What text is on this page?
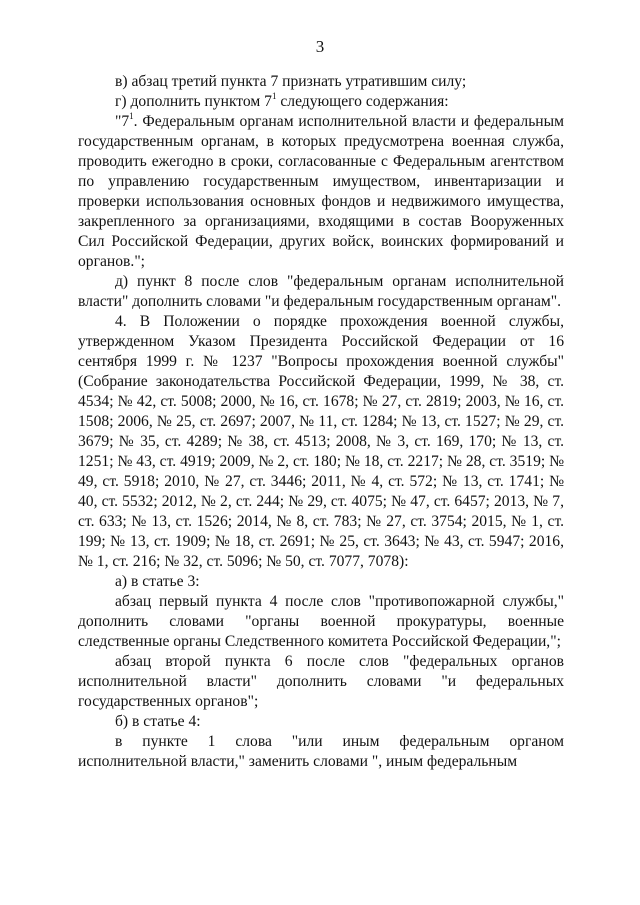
3

в) абзац третий пункта 7 признать утратившим силу;

г) дополнить пунктом $7^1$ следующего содержания:

"$7^1$. Федеральным органам исполнительной власти и федеральным государственным органам, в которых предусмотрена военная служба, проводить ежегодно в сроки, согласованные с Федеральным агентством по управлению государственным имуществом, инвентаризации и проверки использования основных фондов и недвижимого имущества, закрепленного за организациями, входящими в состав Вооруженных Сил Российской Федерации, других войск, воинских формирований и органов.";

д) пункт 8 после слов "федеральным органам исполнительной власти" дополнить словами "и федеральным государственным органам".

4. В Положении о порядке прохождения военной службы, утвержденном Указом Президента Российской Федерации от 16 сентября 1999 г. № 1237 "Вопросы прохождения военной службы" (Собрание законодательства Российской Федерации, 1999, № 38, ст. 4534; № 42, ст. 5008; 2000, № 16, ст. 1678; № 27, ст. 2819; 2003, № 16, ст. 1508; 2006, № 25, ст. 2697; 2007, № 11, ст. 1284; № 13, ст. 1527; № 29, ст. 3679; № 35, ст. 4289; № 38, ст. 4513; 2008, № 3, ст. 169, 170; № 13, ст. 1251; № 43, ст. 4919; 2009, № 2, ст. 180; № 18, ст. 2217; № 28, ст. 3519; № 49, ст. 5918; 2010, № 27, ст. 3446; 2011, № 4, ст. 572; № 13, ст. 1741; № 40, ст. 5532; 2012, № 2, ст. 244; № 29, ст. 4075; № 47, ст. 6457; 2013, № 7, ст. 633; № 13, ст. 1526; 2014, № 8, ст. 783; № 27, ст. 3754; 2015, № 1, ст. 199; № 13, ст. 1909; № 18, ст. 2691; № 25, ст. 3643; № 43, ст. 5947; 2016, № 1, ст. 216; № 32, ст. 5096; № 50, ст. 7077, 7078):

а) в статье 3:

абзац первый пункта 4 после слов "противопожарной службы," дополнить словами "органы военной прокуратуры, военные следственные органы Следственного комитета Российской Федерации,";

абзац второй пункта 6 после слов "федеральных органов исполнительной власти" дополнить словами "и федеральных государственных органов";

б) в статье 4:

в пункте 1 слова "или иным федеральным органом исполнительной власти," заменить словами ", иным федеральным
